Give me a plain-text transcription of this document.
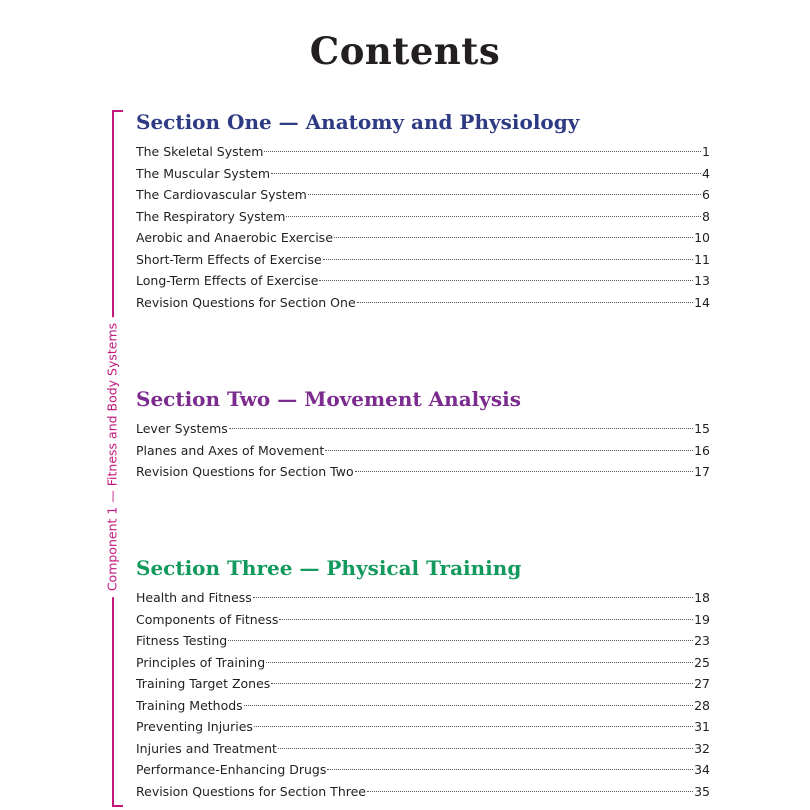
Contents
Component 1 — Fitness and Body Systems
Section One — Anatomy and Physiology
The Skeletal System	1
The Muscular System	4
The Cardiovascular System	6
The Respiratory System	8
Aerobic and Anaerobic Exercise	10
Short-Term Effects of Exercise	11
Long-Term Effects of Exercise	13
Revision Questions for Section One	14
Section Two — Movement Analysis
Lever Systems	15
Planes and Axes of Movement	16
Revision Questions for Section Two	17
Section Three — Physical Training
Health and Fitness	18
Components of Fitness	19
Fitness Testing	23
Principles of Training	25
Training Target Zones	27
Training Methods	28
Preventing Injuries	31
Injuries and Treatment	32
Performance-Enhancing Drugs	34
Revision Questions for Section Three	35
